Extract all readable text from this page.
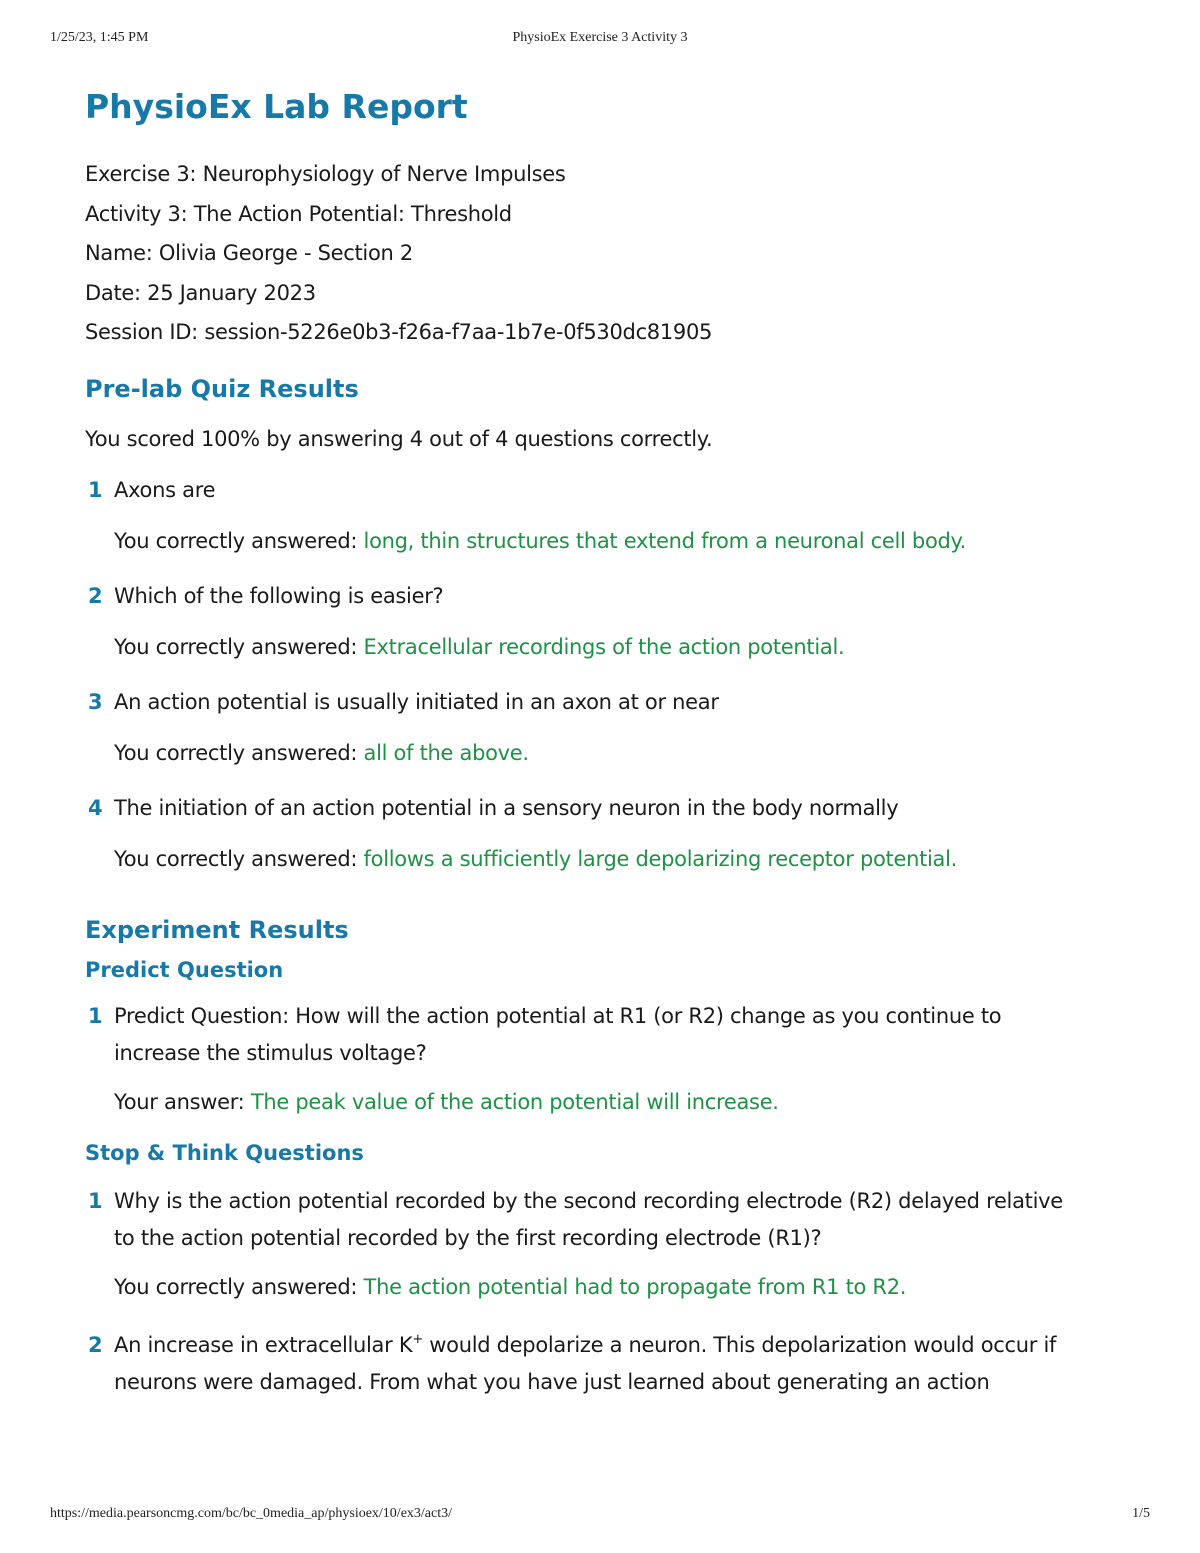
1/25/23, 1:45 PM	PhysioEx Exercise 3 Activity 3
PhysioEx Lab Report
Exercise 3: Neurophysiology of Nerve Impulses
Activity 3: The Action Potential: Threshold
Name: Olivia George - Section 2
Date: 25 January 2023
Session ID: session-5226e0b3-f26a-f7aa-1b7e-0f530dc81905
Pre-lab Quiz Results
You scored 100% by answering 4 out of 4 questions correctly.
1 Axons are
You correctly answered: long, thin structures that extend from a neuronal cell body.
2 Which of the following is easier?
You correctly answered: Extracellular recordings of the action potential.
3 An action potential is usually initiated in an axon at or near
You correctly answered: all of the above.
4 The initiation of an action potential in a sensory neuron in the body normally
You correctly answered: follows a sufficiently large depolarizing receptor potential.
Experiment Results
Predict Question
1 Predict Question: How will the action potential at R1 (or R2) change as you continue to
increase the stimulus voltage?
Your answer: The peak value of the action potential will increase.
Stop & Think Questions
1 Why is the action potential recorded by the second recording electrode (R2) delayed relative
to the action potential recorded by the first recording electrode (R1)?
You correctly answered: The action potential had to propagate from R1 to R2.
2 An increase in extracellular K+ would depolarize a neuron. This depolarization would occur if
neurons were damaged. From what you have just learned about generating an action
https://media.pearsoncmg.com/bc/bc_0media_ap/physioex/10/ex3/act3/	1/5
